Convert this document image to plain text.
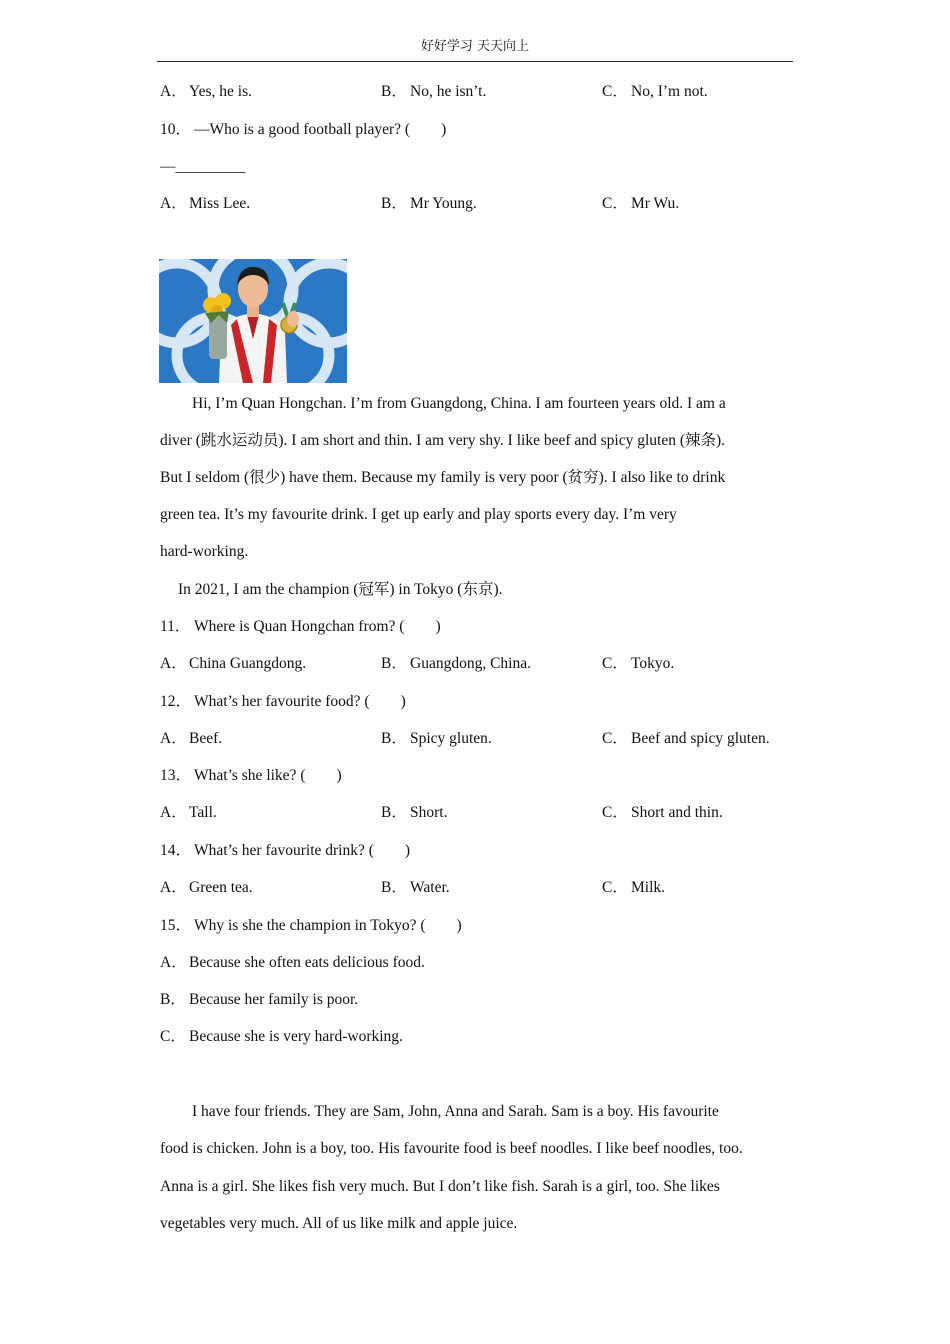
好好学习 天天向上
A． Yes, he is.	B． No, he isn’t.	C． No, I’m not.
10． —Who is a good football player? (　　)
—_________
A． Miss Lee.	B． Mr Young.	C． Mr Wu.
Hi, I’m Quan Hongchan. I’m from Guangdong, China. I am fourteen years old. I am a
diver (跳水运动员). I am short and thin. I am very shy. I like beef and spicy gluten (辣条).
But I seldom (很少) have them. Because my family is very poor (贫穷). I also like to drink
green tea. It’s my favourite drink. I get up early and play sports every day. I’m very
hard-working.
In 2021, I am the champion (冠军) in Tokyo (东京).
11． Where is Quan Hongchan from? (　　)
A． China Guangdong.	B． Guangdong, China.	C． Tokyo.
12． What’s her favourite food? (　　)
A． Beef.	B． Spicy gluten.	C． Beef and spicy gluten.
13． What’s she like? (　　)
A． Tall.	B． Short.	C． Short and thin.
14． What’s her favourite drink? (　　)
A． Green tea.	B． Water.	C． Milk.
15． Why is she the champion in Tokyo? (　　)
A． Because she often eats delicious food.
B． Because her family is poor.
C． Because she is very hard-working.
I have four friends. They are Sam, John, Anna and Sarah. Sam is a boy. His favourite
food is chicken. John is a boy, too. His favourite food is beef noodles. I like beef noodles, too.
Anna is a girl. She likes fish very much. But I don’t like fish. Sarah is a girl, too. She likes
vegetables very much. All of us like milk and apple juice.
